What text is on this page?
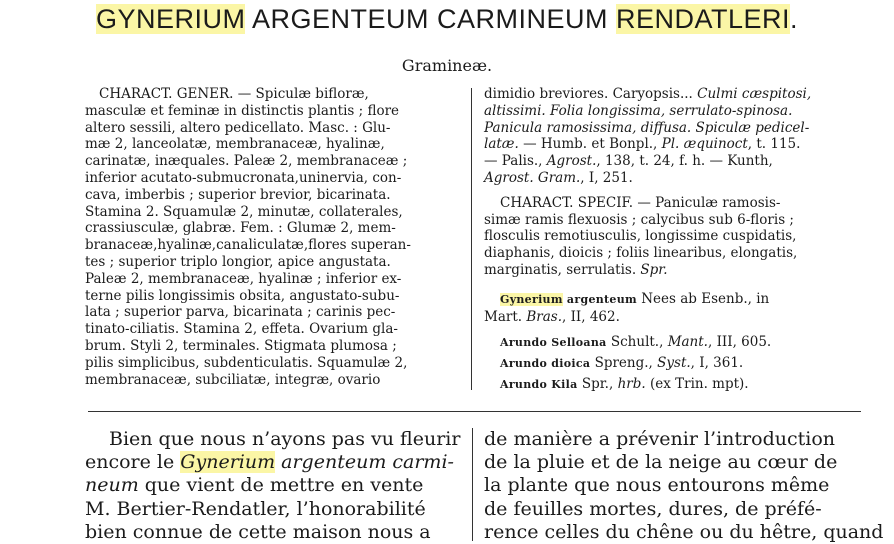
GYNERIUM ARGENTEUM CARMINEUM RENDATLERI.
Gramineæ.
CHARACT. GENER. — Spiculæ biﬂoræ,
masculæ et feminæ in distinctis plantis ; ﬂore
altero sessili, altero pedicellato. Masc. : Glu-
mæ 2, lanceolatæ, membranaceæ, hyalinæ,
carinatæ, inæquales. Paleæ 2, membranaceæ ;
inferior acutato-submucronata,uninervia, con-
cava, imberbis ; superior brevior, bicarinata.
Stamina 2. Squamulæ 2, minutæ, collaterales,
crassiusculæ, glabræ. Fem. : Glumæ 2, mem-
branaceæ,hyalinæ,canaliculatæ,ﬂores superan-
tes ; superior triplo longior, apice angustata.
Paleæ 2, membranaceæ, hyalinæ ; inferior ex-
terne pilis longissimis obsita, angustato-subu-
lata ; superior parva, bicarinata ; carinis pec-
tinato-ciliatis. Stamina 2, effeta. Ovarium gla-
brum. Styli 2, terminales. Stigmata plumosa ;
pilis simplicibus, subdenticulatis. Squamulæ 2,
membranaceæ, subciliatæ, integræ, ovario
dimidio breviores. Caryopsis... Culmi cæspitosi,
altissimi. Folia longissima, serrulato-spinosa.
Panicula ramosissima, diffusa. Spiculæ pedicel-
latæ. — Humb. et Bonpl., Pl. æquinoct, t. 115.
— Palis., Agrost., 138, t. 24, f. h. — Kunth,
Agrost. Gram., I, 251.
CHARACT. SPECIF. — Paniculæ ramosis-
simæ ramis ﬂexuosis ; calycibus sub 6-ﬂoris ;
ﬂosculis remotiusculis, longissime cuspidatis,
diaphanis, dioicis ; foliis linearibus, elongatis,
marginatis, serrulatis. Spr.
Gynerium argenteum Nees ab Esenb., in
Mart. Bras., II, 462.
Arundo Selloana Schult., Mant., III, 605.
Arundo dioica Spreng., Syst., I, 361.
Arundo Kila Spr., hrb. (ex Trin. mpt).
Bien que nous n’ayons pas vu ﬂeurir
encore le Gynerium argenteum carmi-
neum que vient de mettre en vente
M. Bertier-Rendatler, l’honorabilité
bien connue de cette maison nous a
de manière a prévenir l’introduction
de la pluie et de la neige au cœur de
la plante que nous entourons même
de feuilles mortes, dures, de préfé-
rence celles du chêne ou du hêtre, quand
